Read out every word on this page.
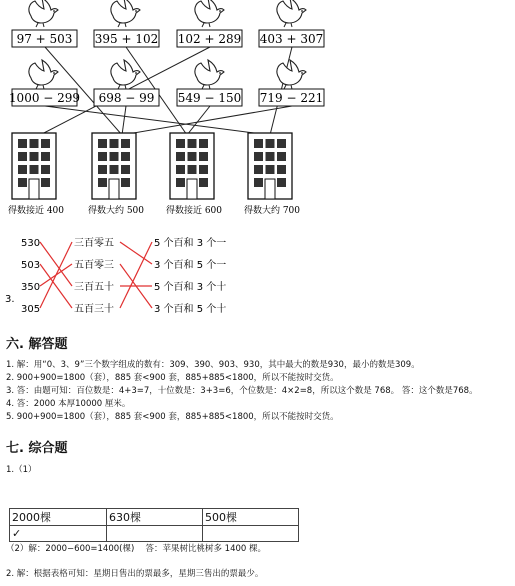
97 + 503 395 + 102 102 + 289 403 + 307
1000 − 299 698 − 99 549 − 150 719 − 221
得数接近 400	得数大约 500 得数接近 600 得数大约 700
3.
530
503
350
305
三百零五
五百零三
三百五十
五百三十
5 个百和 3 个一
3 个百和 5 个一
5 个百和 3 个十
3 个百和 5 个十
六. 解答题
1. 解：用“0、3、9”三个数字组成的数有：309、390、903、930，其中最大的数是930，最小的数是309。
2. 900+900=1800（套），885 套<900 套，885+885<1800，所以不能按时交货。
3. 答：由题可知：百位数是：4+3=7，十位数是：3+3=6，个位数是：4×2=8，所以这个数是 768。 答：这个数是768。
4. 答：2000 本厚10000 厘米。
5. 900+900=1800（套），885 套<900 套，885+885<1800，所以不能按时交货。
七. 综合题
1.（1）
2000棵	630棵	500棵
✓		
（2）解：2000−600=1400(棵)　 答：苹果树比桃树多 1400 棵。
2. 解：根据表格可知：星期日售出的票最多，星期三售出的票最少。
